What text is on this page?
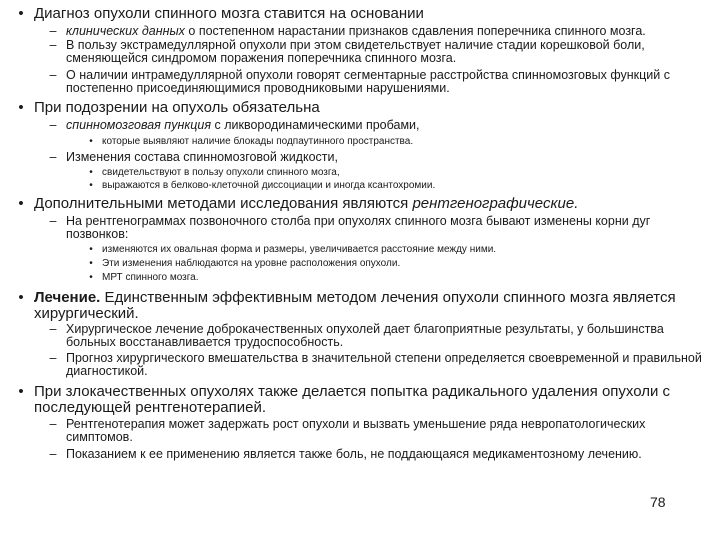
• Диагноз опухоли спинного мозга ставится на основании
– клинических данных о постепенном нарастании признаков сдавления поперечника спинного мозга.
– В пользу экстрамедуллярной опухоли при этом свидетельствует наличие стадии корешковой боли, сменяющейся синдромом поражения поперечника спинного мозга.
– О наличии интрамедуллярной опухоли говорят сегментарные расстройства спинномозговых функций с постепенно присоединяющимися проводниковыми нарушениями.
• При подозрении на опухоль обязательна
– спинномозговая пункция с ликвородинамическими пробами,
• которые выявляют наличие блокады подпаутинного пространства.
– Изменения состава спинномозговой жидкости,
• свидетельствуют в пользу опухоли спинного мозга,
• выражаются в белково-клеточной диссоциации и иногда ксантохромии.
• Дополнительными методами исследования являются рентгенографические.
– На рентгенограммах позвоночного столба при опухолях спинного мозга бывают изменены корни дуг позвонков:
• изменяются их овальная форма и размеры, увеличивается расстояние между ними.
• Эти изменения наблюдаются на уровне расположения опухоли.
• МРТ спинного мозга.
• Лечение. Единственным эффективным методом лечения опухоли спинного мозга является хирургический.
– Хирургическое лечение доброкачественных опухолей дает благоприятные результаты, у большинства больных восстанавливается трудоспособность.
– Прогноз хирургического вмешательства в значительной степени определяется своевременной и правильной диагностикой.
• При злокачественных опухолях также делается попытка радикального удаления опухоли с последующей рентгенотерапией.
– Рентгенотерапия может задержать рост опухоли и вызвать уменьшение ряда невропатологических симптомов.
– Показанием к ее применению является также боль, не поддающаяся медикаментозному лечению.
78
